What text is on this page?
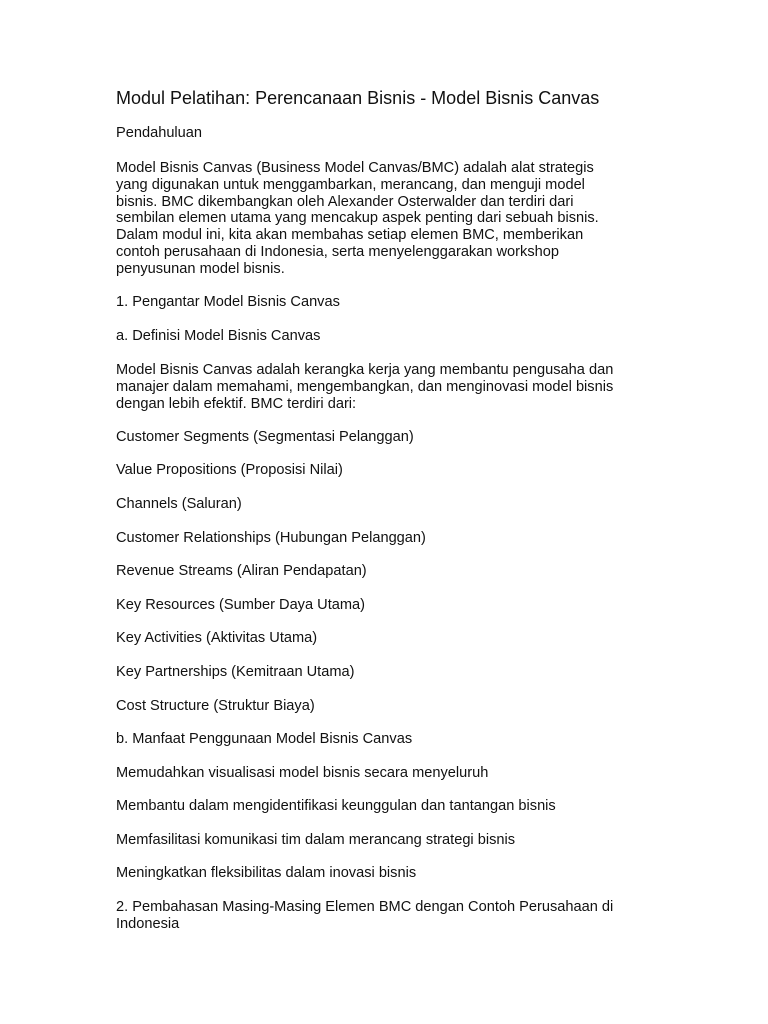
Modul Pelatihan: Perencanaan Bisnis - Model Bisnis Canvas

Pendahuluan

Model Bisnis Canvas (Business Model Canvas/BMC) adalah alat strategis

yang digunakan untuk menggambarkan, merancang, dan menguji model

bisnis. BMC dikembangkan oleh Alexander Osterwalder dan terdiri dari

sembilan elemen utama yang mencakup aspek penting dari sebuah bisnis.

Dalam modul ini, kita akan membahas setiap elemen BMC, memberikan

contoh perusahaan di Indonesia, serta menyelenggarakan workshop

penyusunan model bisnis.

1. Pengantar Model Bisnis Canvas

a. Definisi Model Bisnis Canvas

Model Bisnis Canvas adalah kerangka kerja yang membantu pengusaha dan

manajer dalam memahami, mengembangkan, dan menginovasi model bisnis

dengan lebih efektif. BMC terdiri dari:

Customer Segments (Segmentasi Pelanggan)

Value Propositions (Proposisi Nilai)

Channels (Saluran)

Customer Relationships (Hubungan Pelanggan)

Revenue Streams (Aliran Pendapatan)

Key Resources (Sumber Daya Utama)

Key Activities (Aktivitas Utama)

Key Partnerships (Kemitraan Utama)

Cost Structure (Struktur Biaya)

b. Manfaat Penggunaan Model Bisnis Canvas

Memudahkan visualisasi model bisnis secara menyeluruh

Membantu dalam mengidentifikasi keunggulan dan tantangan bisnis

Memfasilitasi komunikasi tim dalam merancang strategi bisnis

Meningkatkan fleksibilitas dalam inovasi bisnis

2. Pembahasan Masing-Masing Elemen BMC dengan Contoh Perusahaan di

Indonesia
